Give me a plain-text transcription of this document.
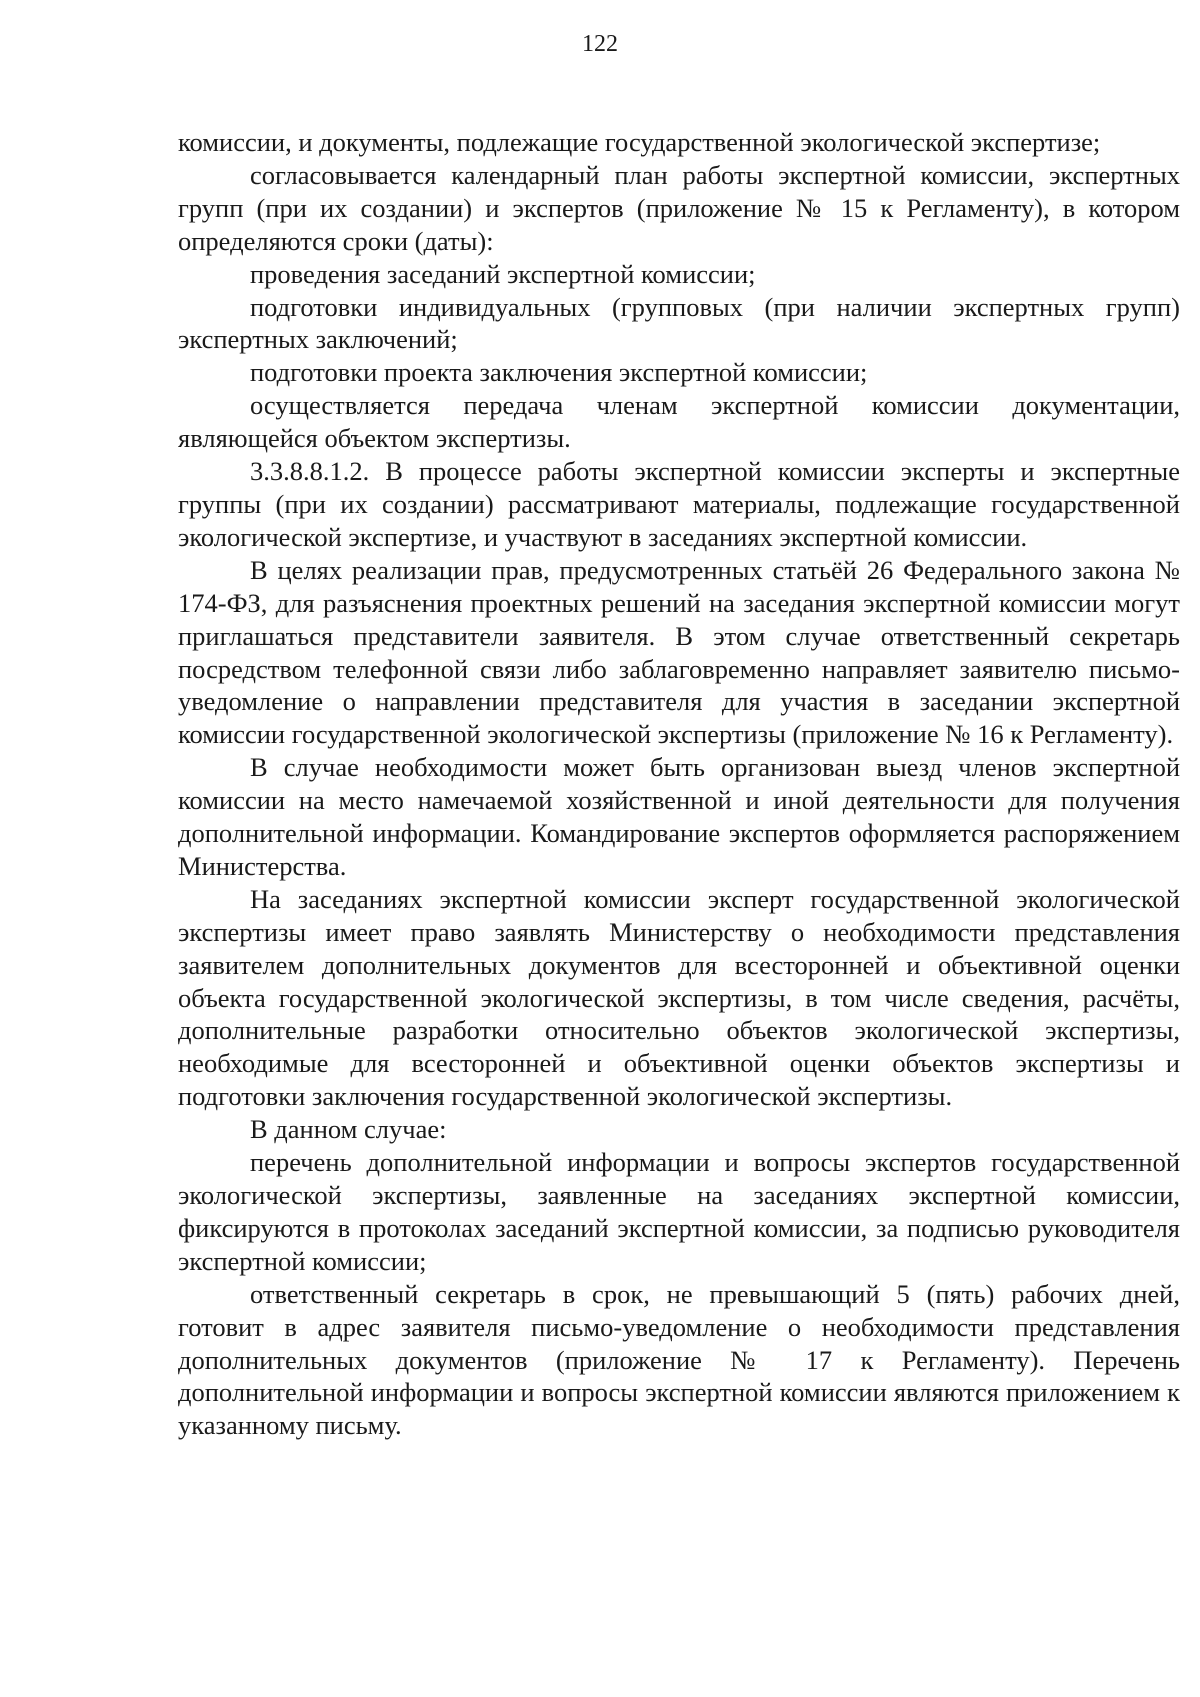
122

комиссии, и документы, подлежащие государственной экологической экспертизе;

согласовывается календарный план работы экспертной комиссии, экспертных групп (при их создании) и экспертов (приложение № 15 к Регламенту), в котором определяются сроки (даты):

проведения заседаний экспертной комиссии;

подготовки индивидуальных (групповых (при наличии экспертных групп) экспертных заключений;

подготовки проекта заключения экспертной комиссии;

осуществляется передача членам экспертной комиссии документации, являющейся объектом экспертизы.

3.3.8.8.1.2. В процессе работы экспертной комиссии эксперты и экспертные группы (при их создании) рассматривают материалы, подлежащие государственной экологической экспертизе, и участвуют в заседаниях экспертной комиссии.

В целях реализации прав, предусмотренных статьёй 26 Федерального закона № 174-ФЗ, для разъяснения проектных решений на заседания экспертной комиссии могут приглашаться представители заявителя. В этом случае ответственный секретарь посредством телефонной связи либо заблаговременно направляет заявителю письмо-уведомление о направлении представителя для участия в заседании экспертной комиссии государственной экологической экспертизы (приложение № 16 к Регламенту).

В случае необходимости может быть организован выезд членов экспертной комиссии на место намечаемой хозяйственной и иной деятельности для получения дополнительной информации. Командирование экспертов оформляется распоряжением Министерства.

На заседаниях экспертной комиссии эксперт государственной экологической экспертизы имеет право заявлять Министерству о необходимости представления заявителем дополнительных документов для всесторонней и объективной оценки объекта государственной экологической экспертизы, в том числе сведения, расчёты, дополнительные разработки относительно объектов экологической экспертизы, необходимые для всесторонней и объективной оценки объектов экспертизы и подготовки заключения государственной экологической экспертизы.

В данном случае:

перечень дополнительной информации и вопросы экспертов государственной экологической экспертизы, заявленные на заседаниях экспертной комиссии, фиксируются в протоколах заседаний экспертной комиссии, за подписью руководителя экспертной комиссии;

ответственный секретарь в срок, не превышающий 5 (пять) рабочих дней, готовит в адрес заявителя письмо-уведомление о необходимости представления дополнительных документов (приложение № 17 к Регламенту). Перечень дополнительной информации и вопросы экспертной комиссии являются приложением к указанному письму.
